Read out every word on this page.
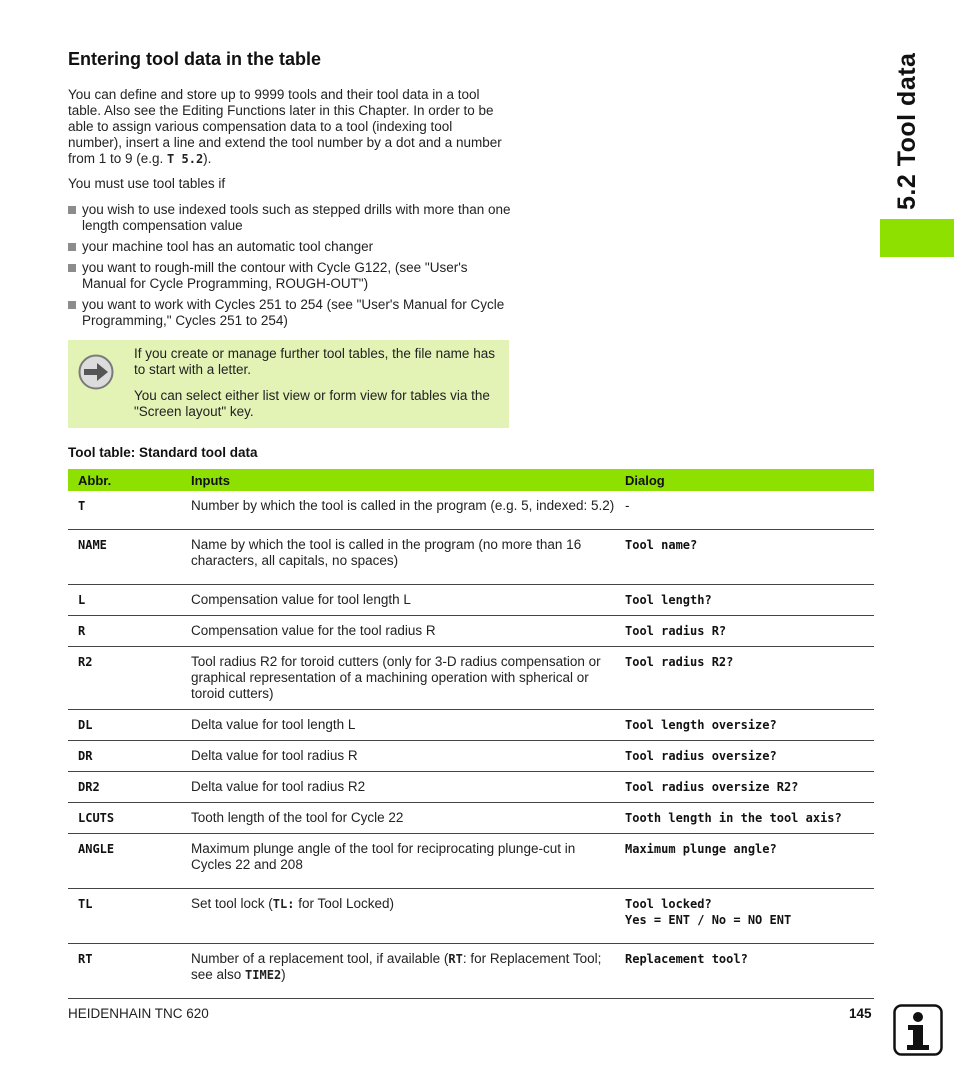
Entering tool data in the table

You can define and store up to 9999 tools and their tool data in a tool table. Also see the Editing Functions later in this Chapter. In order to be able to assign various compensation data to a tool (indexing tool number), insert a line and extend the tool number by a dot and a number from 1 to 9 (e.g. T 5.2).

You must use tool tables if

you wish to use indexed tools such as stepped drills with more than one length compensation value
your machine tool has an automatic tool changer
you want to rough-mill the contour with Cycle G122, (see "User's Manual for Cycle Programming, ROUGH-OUT")
you want to work with Cycles 251 to 254 (see "User's Manual for Cycle Programming," Cycles 251 to 254)

If you create or manage further tool tables, the file name has to start with a letter.

You can select either list view or form view for tables via the "Screen layout" key.

Tool table: Standard tool data

Abbr.	Inputs	Dialog
T	Number by which the tool is called in the program (e.g. 5, indexed: 5.2)	-
NAME	Name by which the tool is called in the program (no more than 16 characters, all capitals, no spaces)	Tool name?
L	Compensation value for tool length L	Tool length?
R	Compensation value for the tool radius R	Tool radius R?
R2	Tool radius R2 for toroid cutters (only for 3-D radius compensation or graphical representation of a machining operation with spherical or toroid cutters)	Tool radius R2?
DL	Delta value for tool length L	Tool length oversize?
DR	Delta value for tool radius R	Tool radius oversize?
DR2	Delta value for tool radius R2	Tool radius oversize R2?
LCUTS	Tooth length of the tool for Cycle 22	Tooth length in the tool axis?
ANGLE	Maximum plunge angle of the tool for reciprocating plunge-cut in Cycles 22 and 208	Maximum plunge angle?
TL	Set tool lock (TL: for Tool Locked)	Tool locked?
Yes = ENT / No = NO ENT

RT	Number of a replacement tool, if available (RT: for Replacement Tool; see also TIME2)	Replacement tool?
5.2 Tool data

HEIDENHAIN TNC 620	145
